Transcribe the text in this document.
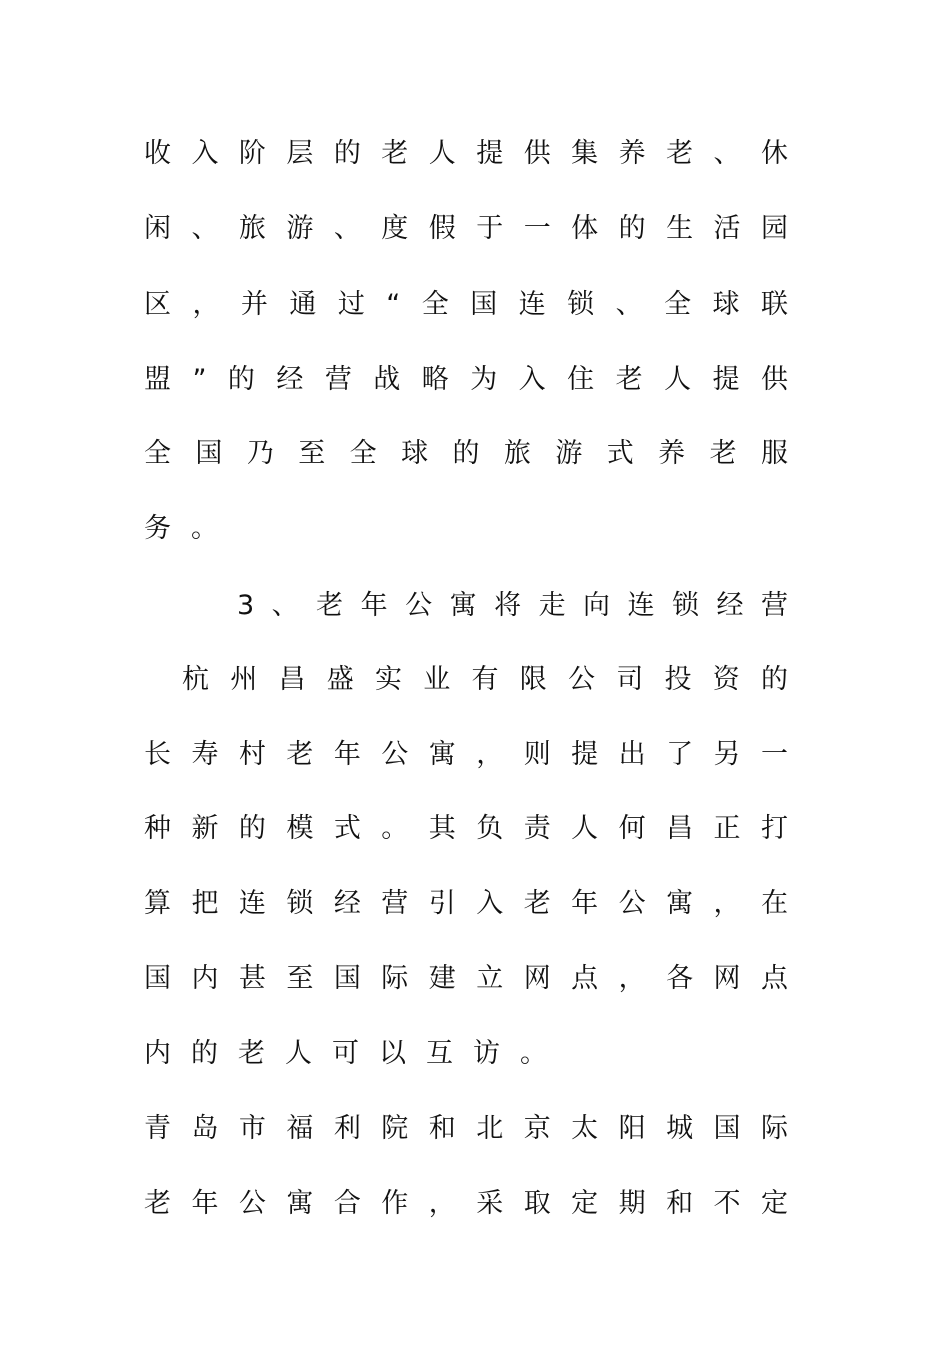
收入阶层的老人提供集养老、休
闲、旅游、度假于一体的生活园
区，并通过“全国连锁、全球联
盟”的经营战略为入住老人提供
全国乃至全球的旅游式养老服
务。
3、老年公寓将走向连锁经营
杭州昌盛实业有限公司投资的
长寿村老年公寓，则提出了另一
种新的模式。其负责人何昌正打
算把连锁经营引入老年公寓，在
国内甚至国际建立网点，各网点
内的老人可以互访。
青岛市福利院和北京太阳城国际
老年公寓合作，采取定期和不定
